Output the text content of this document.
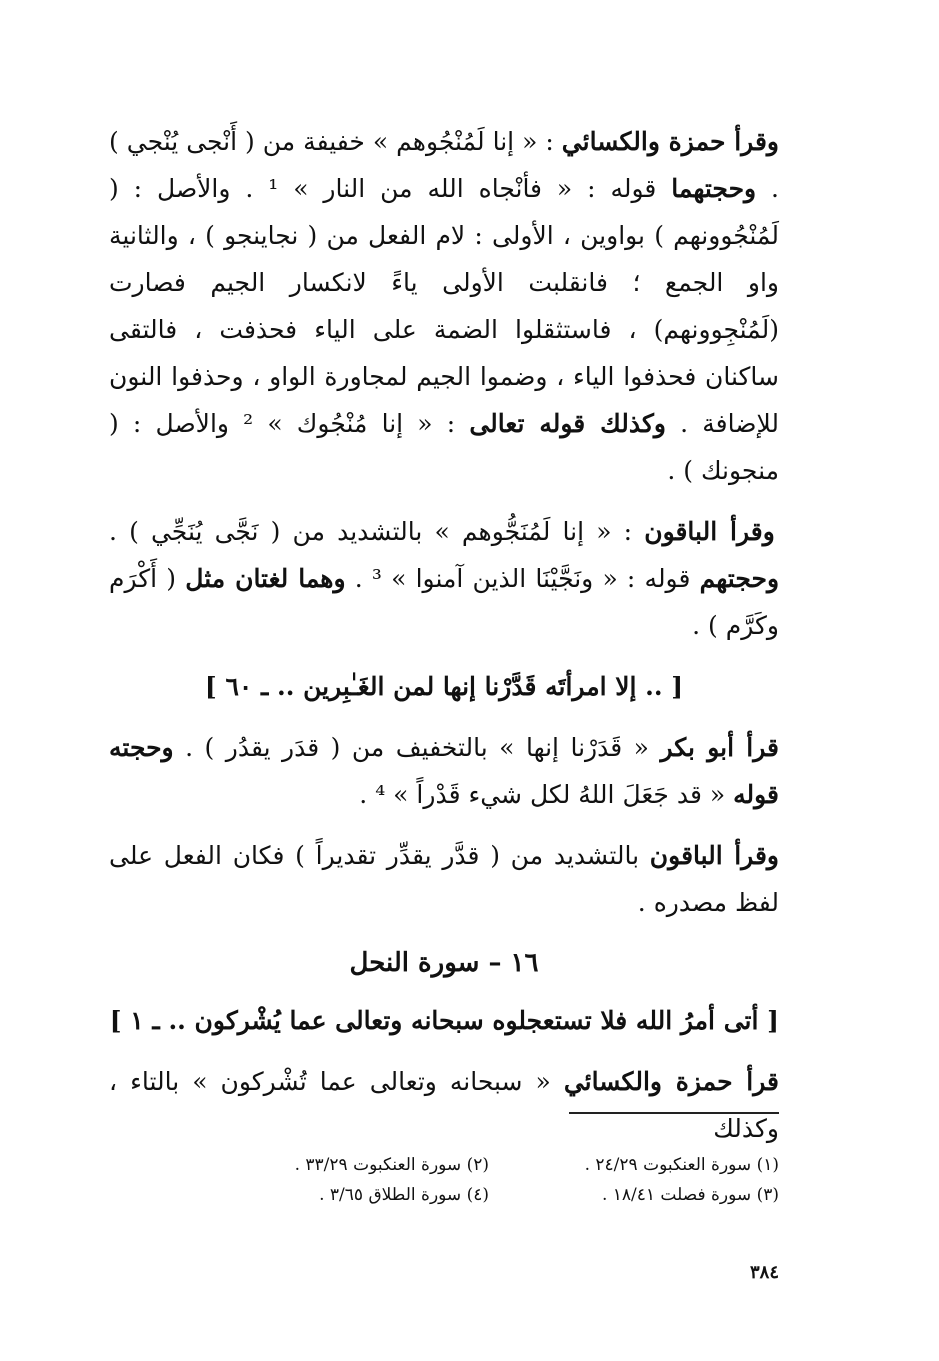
وقرأ حمزة والكسائي : « إنا لَمُنْجُوهم » خفيفة من ( أَنْجى يُنْجي ) . وحجتهما قوله : « فأنْجاه الله من النار » ¹ . والأصل : ( لَمُنْجُوونهم ) بواوين ، الأولى : لام الفعل من ( نجاينجو ) ، والثانية واو الجمع ؛ فانقلبت الأولى ياءً لانكسار الجيم فصارت (لَمُنْجِوونهم) ، فاستثقلوا الضمة على الياء فحذفت ، فالتقى ساكنان فحذفوا الياء ، وضموا الجيم لمجاورة الواو ، وحذفوا النون للإضافة . وكذلك قوله تعالى : « إنا مُنْجُوك » ² والأصل : ( منجونك ) .

وقرأ الباقون : « إنا لَمُنَجُّوهم » بالتشديد من ( نَجَّى يُنَجِّي ) . وحجتهم قوله : « ونَجَّيْنَا الذين آمنوا » ³ . وهما لغتان مثل ( أَكْرَم وكَرَّم ) .

[ .. إلا امرأتَه قَدَّرْنا إنها لمن الغَـٰبِرين .. ـ ٦٠ ]

قرأ أبو بكر « قَدَرْنا إنها » بالتخفيف من ( قدَر يقدُر ) . وحجته قوله « قد جَعَلَ اللهُ لكل شيء قَدْراً » ⁴ .

وقرأ الباقون بالتشديد من ( قدَّر يقدِّر تقديراً ) فكان الفعل على لفظ مصدره .

١٦ – سورة النحل

[ أتى أمرُ الله فلا تستعجلوه سبحانه وتعالى عما يُشْركون .. ـ ١ ]

قرأ حمزة والكسائي « سبحانه وتعالى عما تُشْركون » بالتاء ، وكذلك

(١) سورة العنكبوت ٢٤/٢٩ .
(٢) سورة العنكبوت ٣٣/٢٩ .
(٣) سورة فصلت ١٨/٤١ .
(٤) سورة الطلاق ٣/٦٥ .
٣٨٤
